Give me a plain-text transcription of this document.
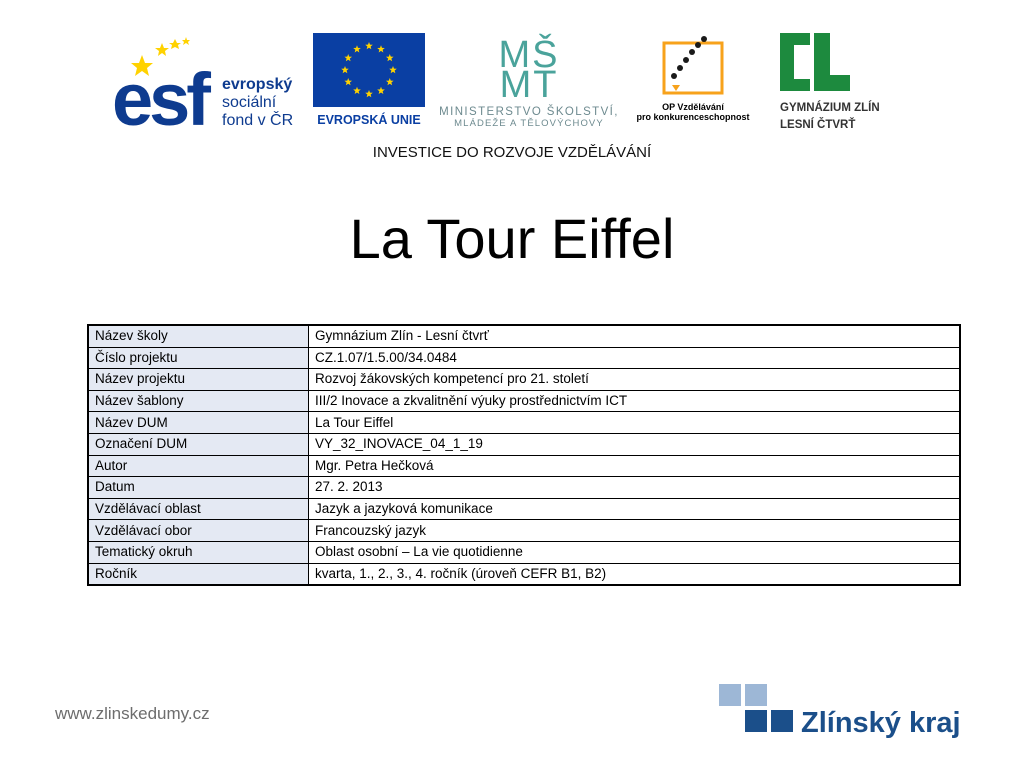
esf evropský
sociální
fond v ČR	EVROPSKÁ UNIE
MŠ
MT
MINISTERSTVO ŠKOLSTVÍ,
MLÁDEŽE A TĚLOVÝCHOVY
OP Vzdělávání
pro konkurenceschopnost
GYMNÁZIUM ZLÍN
LESNÍ ČTVRŤ
INVESTICE DO ROZVOJE VZDĚLÁVÁNÍ
La Tour Eiffel
Název školy	Gymnázium Zlín - Lesní čtvrť
Číslo projektu	CZ.1.07/1.5.00/34.0484
Název projektu	Rozvoj žákovských kompetencí pro 21. století
Název šablony	III/2 Inovace a zkvalitnění výuky prostřednictvím ICT
Název DUM	La Tour Eiffel
Označení DUM	VY_32_INOVACE_04_1_19
Autor	Mgr. Petra Hečková
Datum	27. 2. 2013
Vzdělávací oblast	Jazyk a jazyková komunikace
Vzdělávací obor	Francouzský jazyk
Tematický okruh	Oblast osobní – La vie quotidienne
Ročník	kvarta, 1., 2., 3., 4. ročník (úroveň CEFR B1, B2)
www.zlinskedumy.cz	Zlínský kraj
